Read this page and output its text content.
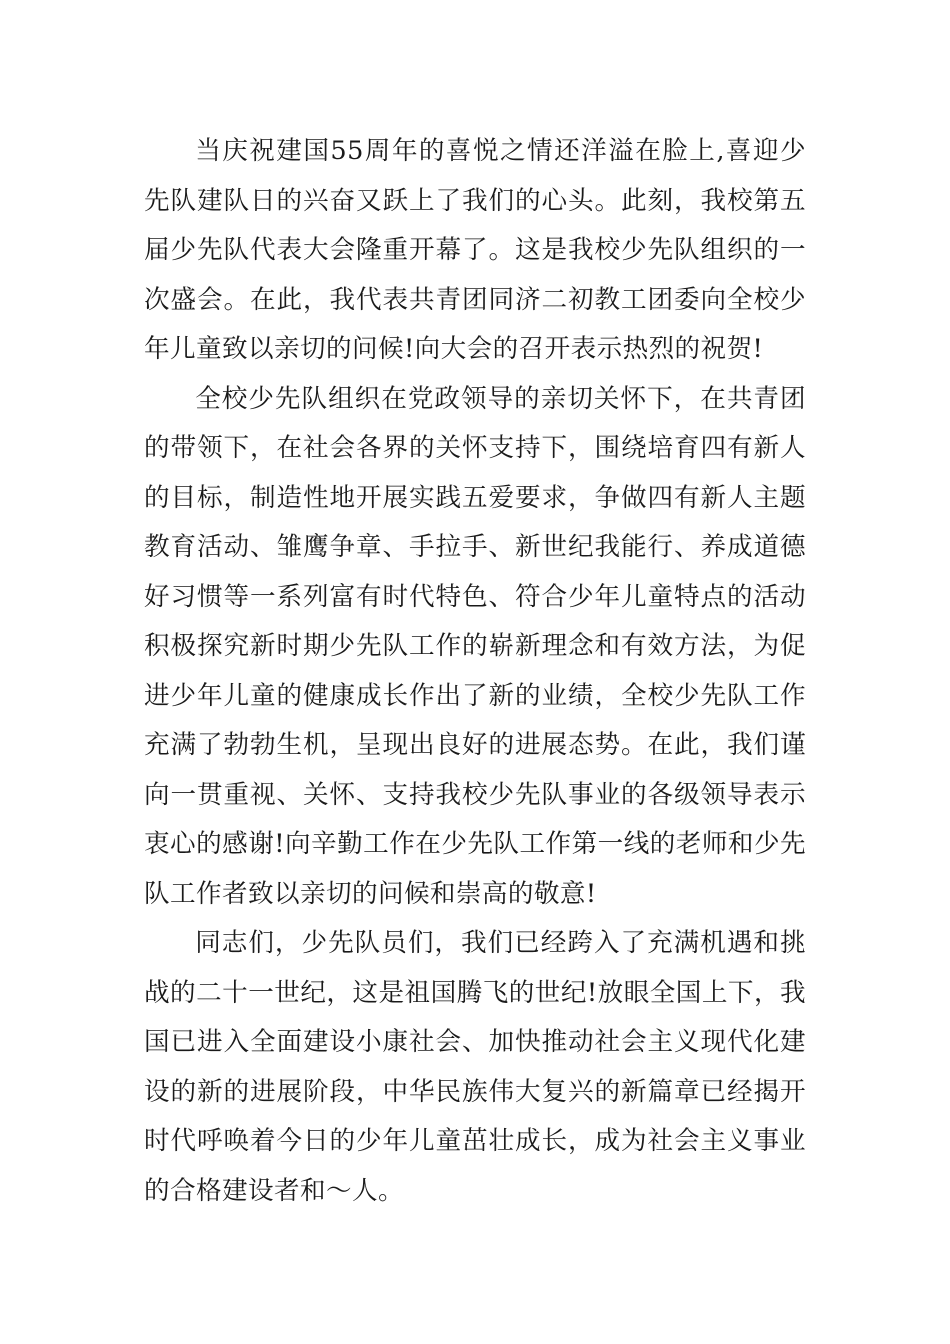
当庆祝建国55周年的喜悦之情还洋溢在脸上,喜迎少先队建队日的兴奋又跃上了我们的心头。此刻，我校第五届少先队代表大会隆重开幕了。这是我校少先队组织的一次盛会。在此，我代表共青团同济二初教工团委向全校少年儿童致以亲切的问候!向大会的召开表示热烈的祝贺!

全校少先队组织在党政领导的亲切关怀下，在共青团的带领下，在社会各界的关怀支持下，围绕培育四有新人的目标，制造性地开展实践五爱要求，争做四有新人主题教育活动、雏鹰争章、手拉手、新世纪我能行、养成道德好习惯等一系列富有时代特色、符合少年儿童特点的活动积极探究新时期少先队工作的崭新理念和有效方法，为促进少年儿童的健康成长作出了新的业绩，全校少先队工作充满了勃勃生机，呈现出良好的进展态势。在此，我们谨向一贯重视、关怀、支持我校少先队事业的各级领导表示衷心的感谢!向辛勤工作在少先队工作第一线的老师和少先队工作者致以亲切的问候和崇高的敬意!

同志们，少先队员们，我们已经跨入了充满机遇和挑战的二十一世纪，这是祖国腾飞的世纪!放眼全国上下，我国已进入全面建设小康社会、加快推动社会主义现代化建设的新的进展阶段，中华民族伟大复兴的新篇章已经揭开时代呼唤着今日的少年儿童茁壮成长，成为社会主义事业的合格建设者和～人。
